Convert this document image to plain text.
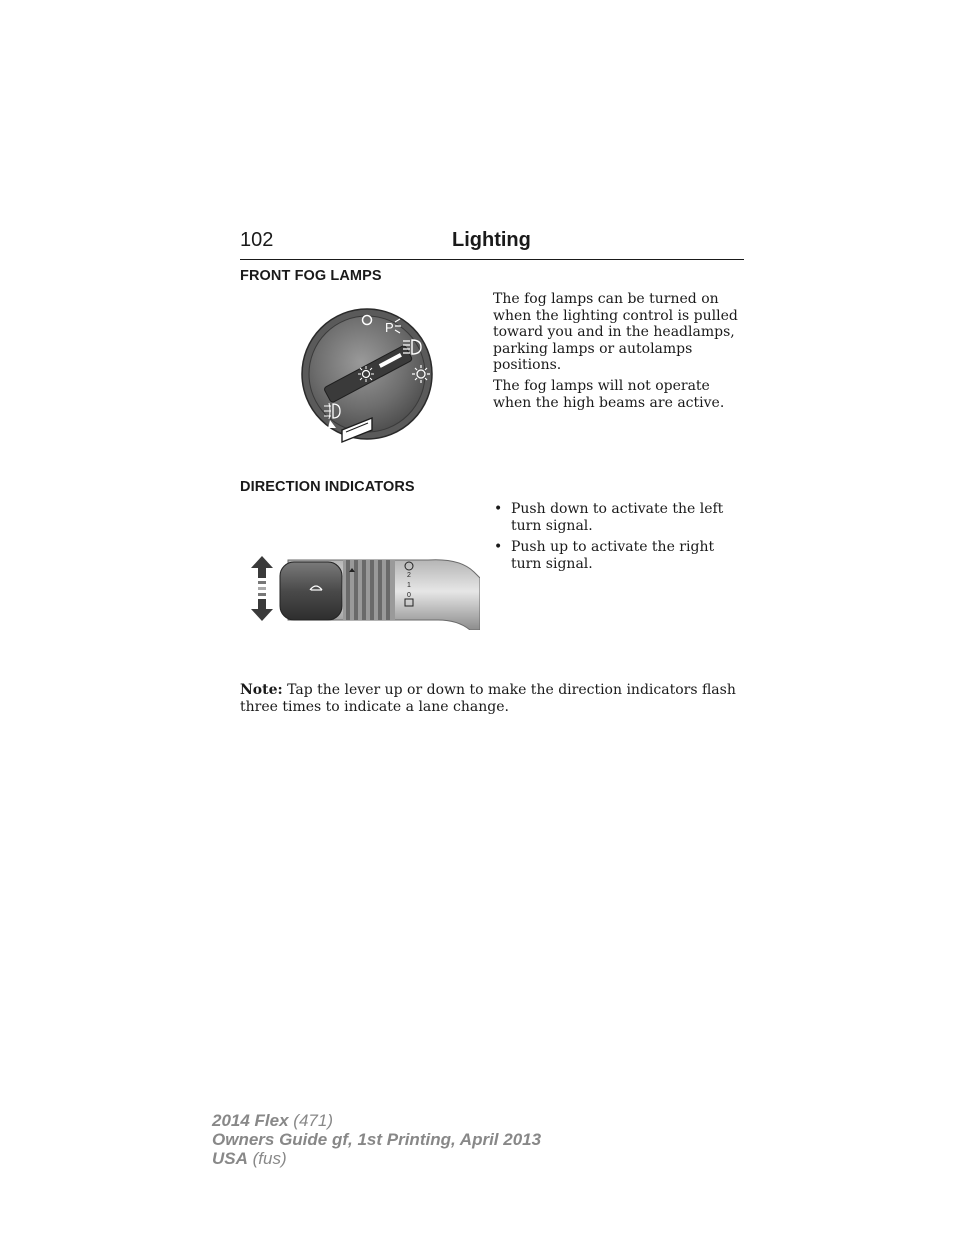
102	Lighting
FRONT FOG LAMPS
P

The fog lamps can be turned on when the lighting control is pulled toward you and in the headlamps, parking lamps or autolamps positions.

The fog lamps will not operate when the high beams are active.

DIRECTION INDICATORS
2
1
0
• Push down to activate the left turn signal.
• Push up to activate the right turn signal.

Note: Tap the lever up or down to make the direction indicators flash three times to indicate a lane change.

2014 Flex (471)
Owners Guide gf, 1st Printing, April 2013
USA (fus)
